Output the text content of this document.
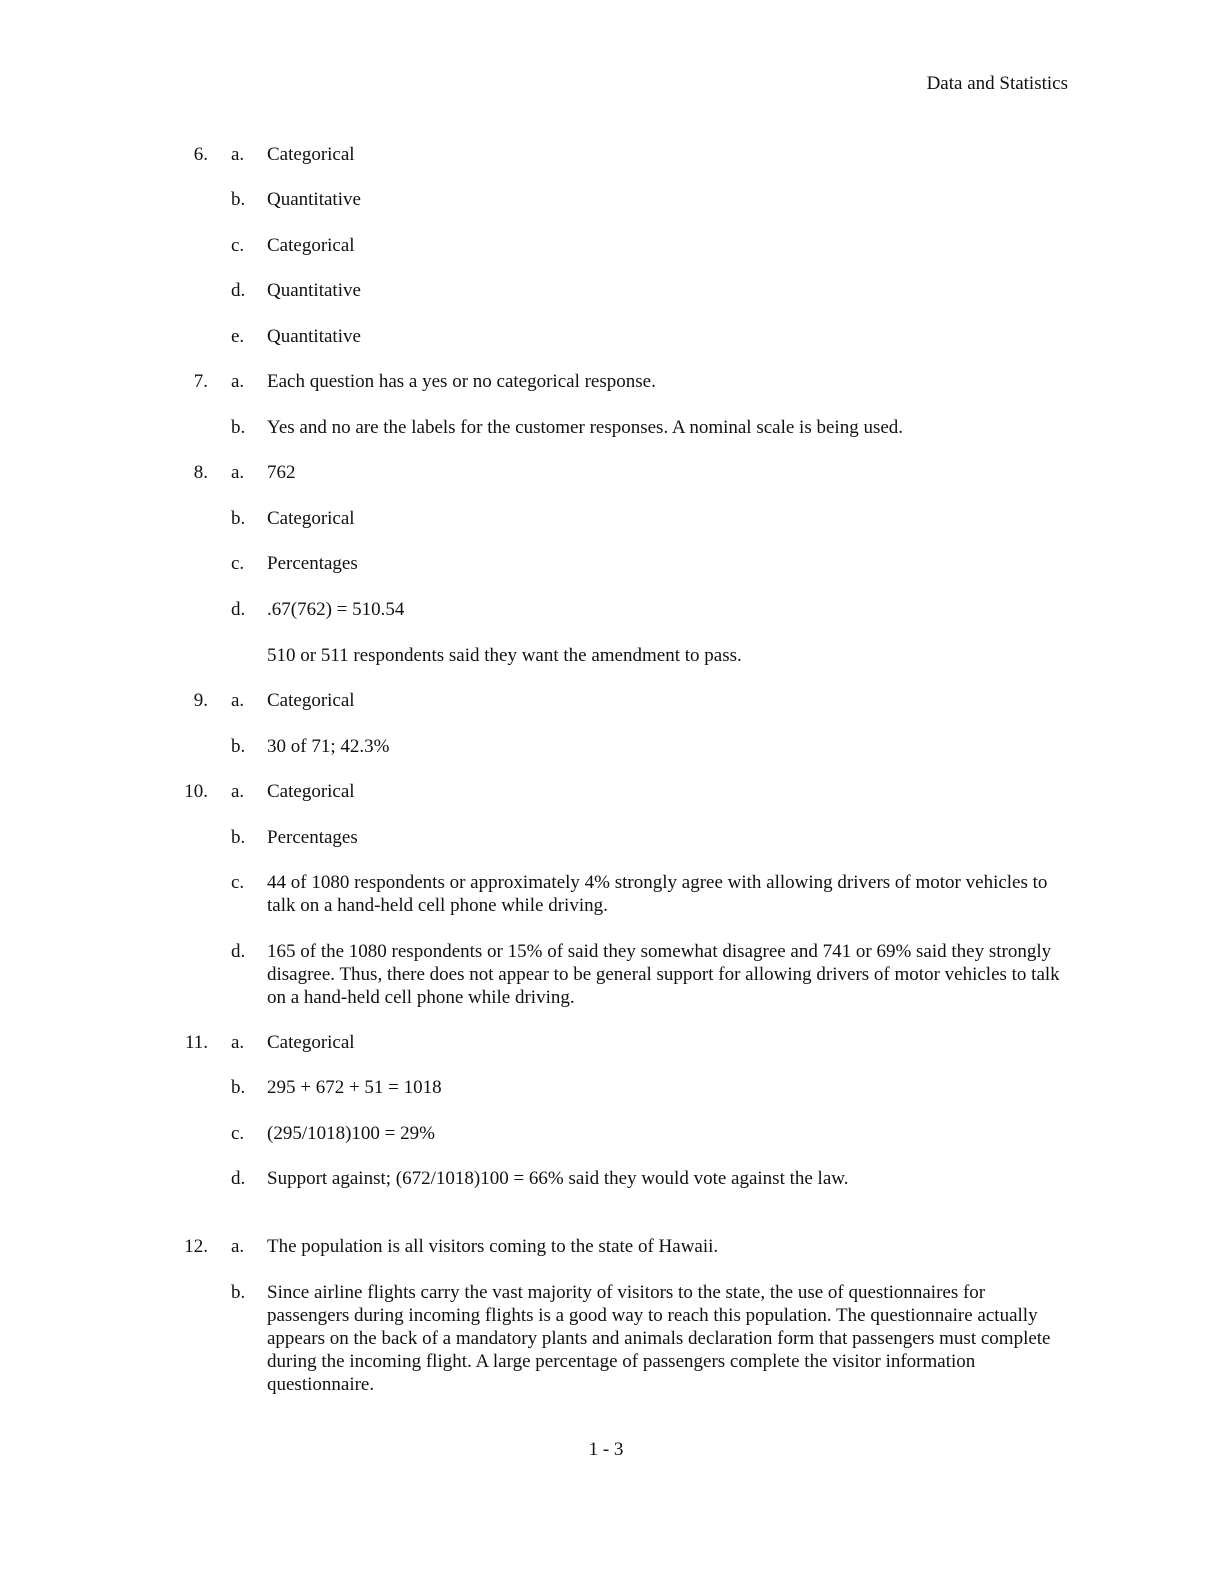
Data and Statistics
6. a. Categorical
b. Quantitative
c. Categorical
d. Quantitative
e. Quantitative
7. a. Each question has a yes or no categorical response.
b. Yes and no are the labels for the customer responses. A nominal scale is being used.
8. a. 762
b. Categorical
c. Percentages
d. .67(762) = 510.54
510 or 511 respondents said they want the amendment to pass.
9. a. Categorical
b. 30 of 71; 42.3%
10. a. Categorical
b. Percentages
c. 44 of 1080 respondents or approximately 4% strongly agree with allowing drivers of motor vehicles to talk on a hand-held cell phone while driving.
d. 165 of the 1080 respondents or 15% of said they somewhat disagree and 741 or 69% said they strongly disagree. Thus, there does not appear to be general support for allowing drivers of motor vehicles to talk on a hand-held cell phone while driving.
11. a. Categorical
b. 295 + 672 + 51 = 1018
c. (295/1018)100 = 29%
d. Support against; (672/1018)100 = 66% said they would vote against the law.
12. a. The population is all visitors coming to the state of Hawaii.
b. Since airline flights carry the vast majority of visitors to the state, the use of questionnaires for passengers during incoming flights is a good way to reach this population. The questionnaire actually appears on the back of a mandatory plants and animals declaration form that passengers must complete during the incoming flight. A large percentage of passengers complete the visitor information questionnaire.
1 - 3
